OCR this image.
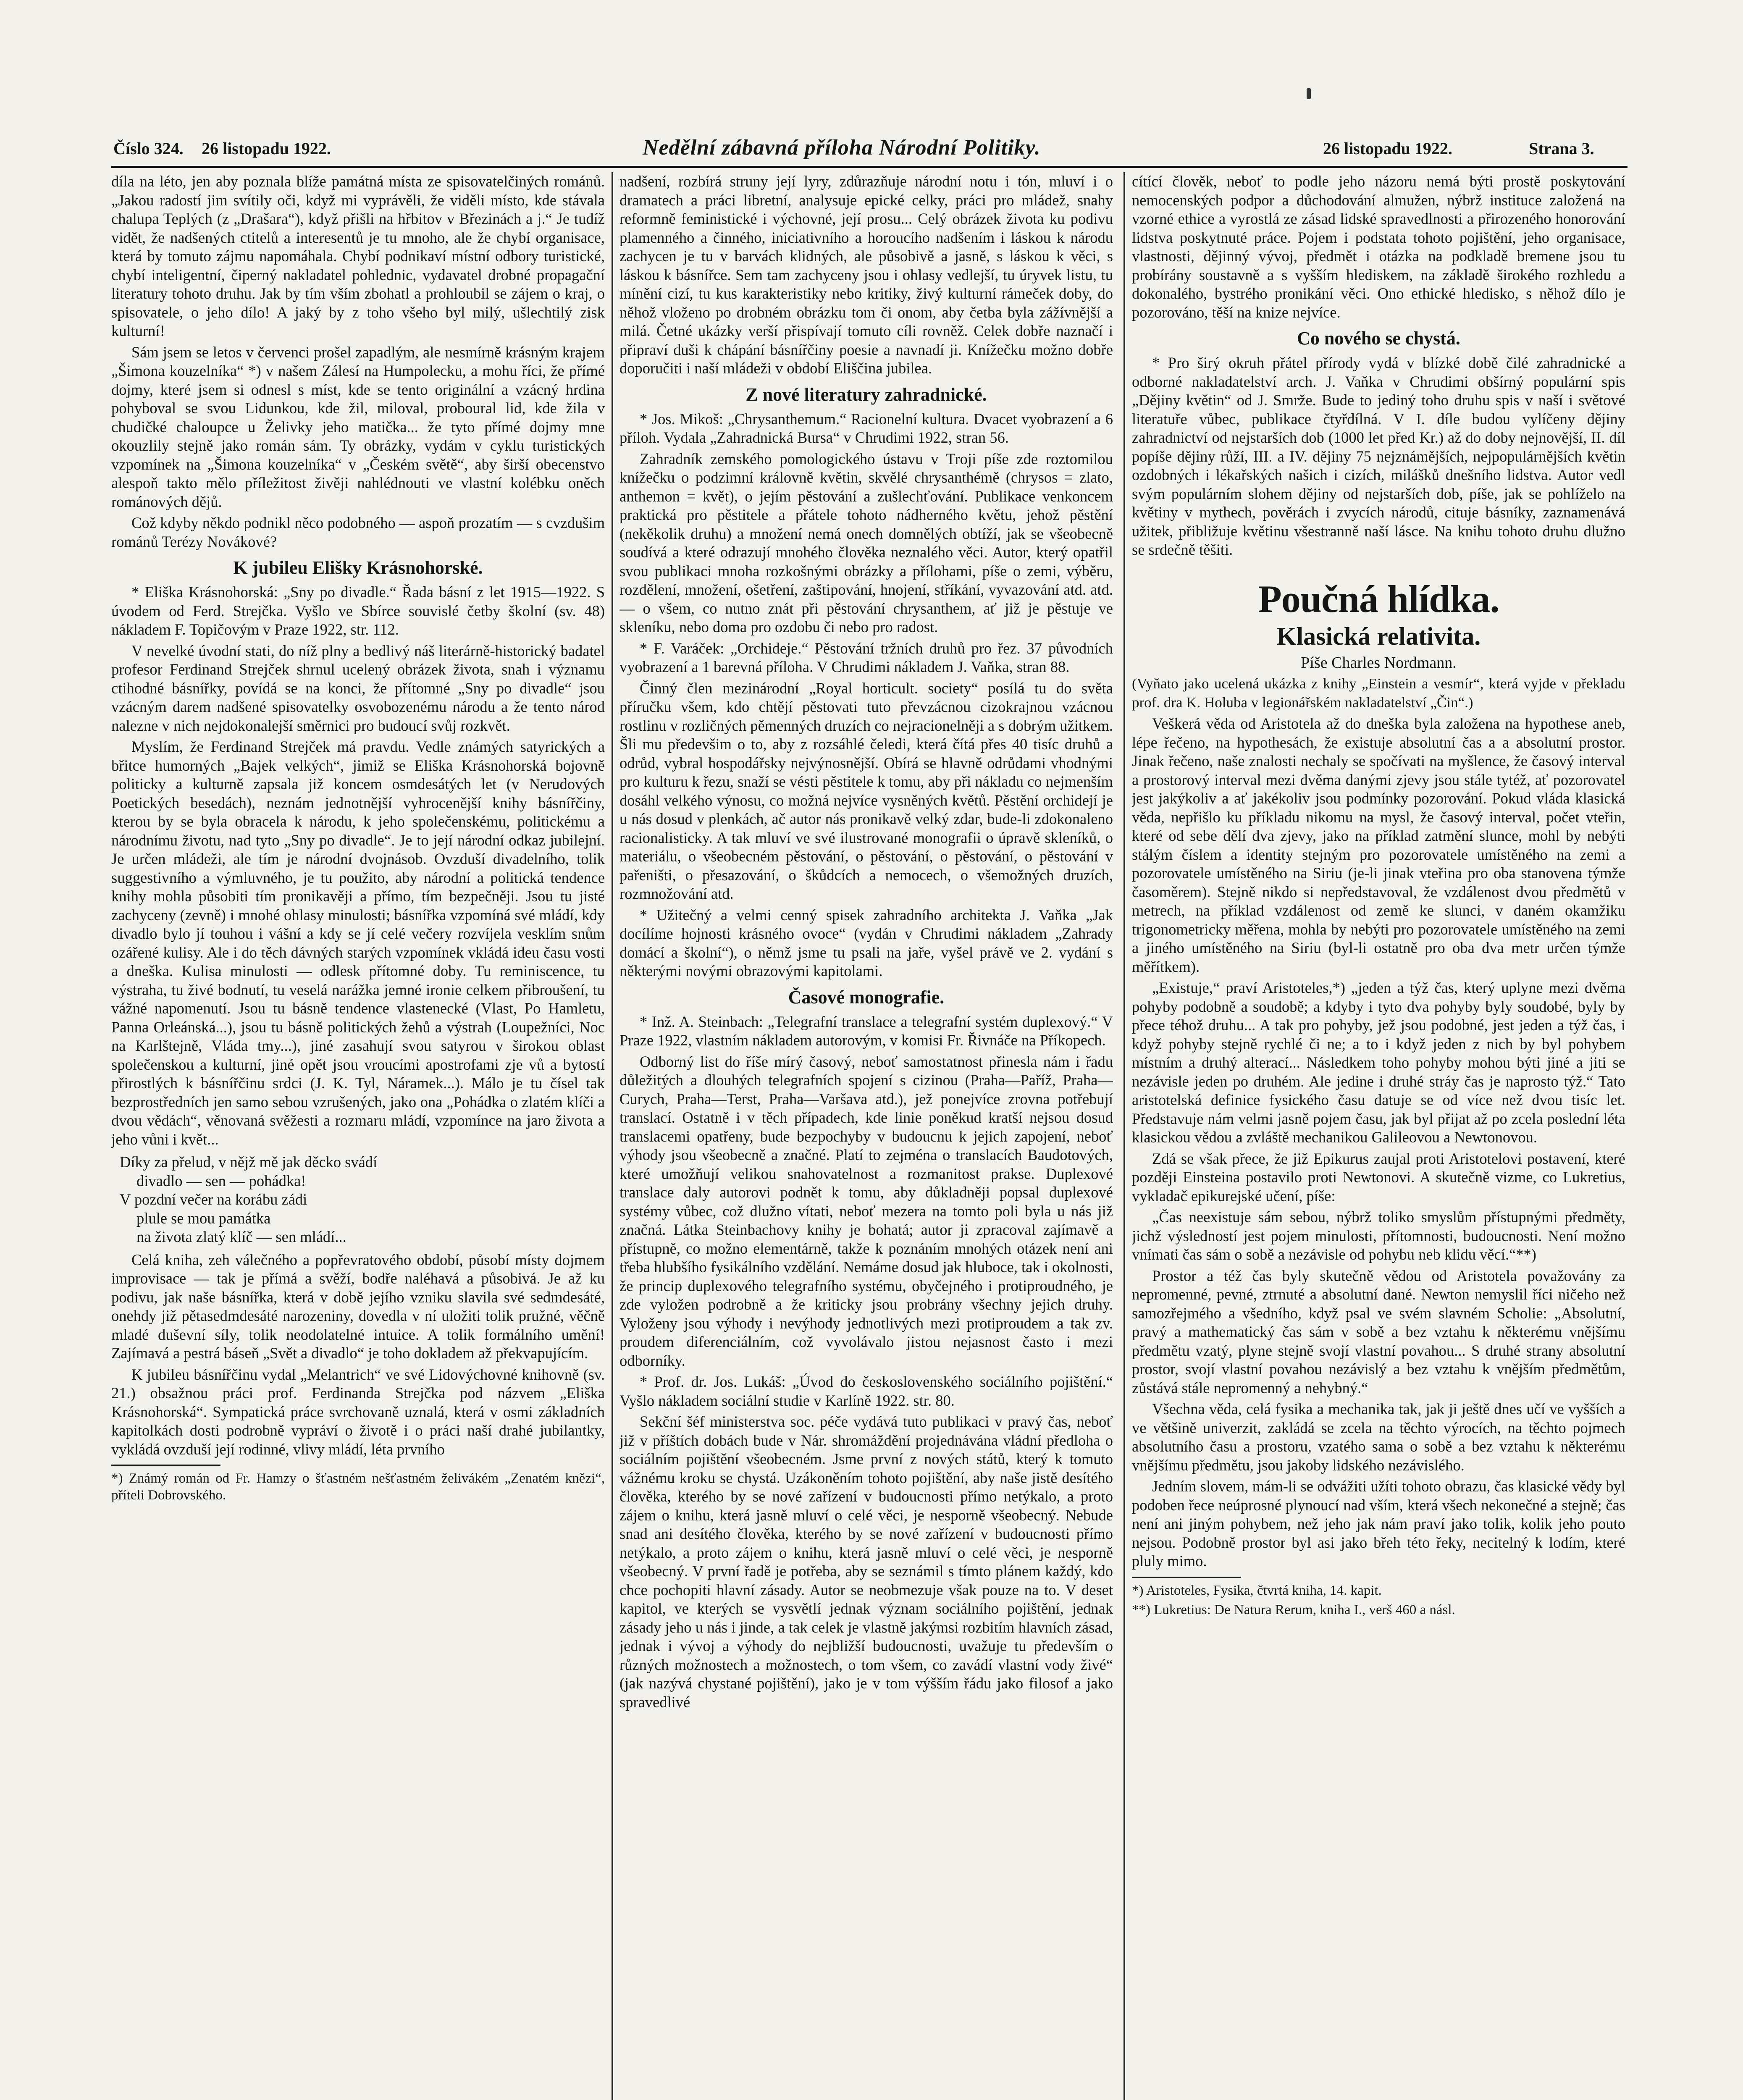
Číslo 324. 26 listopadu 1922.	Nedělní zábavná příloha Národní Politiky.	26 listopadu 1922.	Strana 3.

díla na léto, jen aby poznala blíže památná místa ze spisovatelčiných románů. „Jakou radostí jim svítily oči, když mi vyprávěli, že viděli místo, kde stávala chalupa Teplých (z „Drašara“), když přišli na hřbitov v Březinách a j.“ Je tudíž vidět, že nadšených ctitelů a interesentů je tu mnoho, ale že chybí organisace, která by tomuto zájmu napomáhala. Chybí podnikaví místní odbory turistické, chybí inteligentní, čiperný nakladatel pohlednic, vydavatel drobné propagační literatury tohoto druhu. Jak by tím vším zbohatl a prohloubil se zájem o kraj, o spisovatele, o jeho dílo! A jaký by z toho všeho byl milý, ušlechtilý zisk kulturní!

Sám jsem se letos v červenci prošel zapadlým, ale nesmírně krásným krajem „Šimona kouzelníka“ *) v našem Zálesí na Humpolecku, a mohu říci, že přímé dojmy, které jsem si odnesl s míst, kde se tento originální a vzácný hrdina pohyboval se svou Lidunkou, kde žil, miloval, proboural lid, kde žila v chudičké chaloupce u Želivky jeho matička... že tyto přímé dojmy mne okouzlily stejně jako román sám. Ty obrázky, vydám v cyklu turistických vzpomínek na „Šimona kouzelníka“ v „Českém světě“, aby širší obecenstvo alespoň takto mělo příležitost živěji nahlédnouti ve vlastní kolébku oněch románových dějů.

Což kdyby někdo podnikl něco podobného — aspoň prozatím — s cvzdušim románů Terézy Novákové?

K jubileu Elišky Krásnohorské.

* Eliška Krásnohorská: „Sny po divadle.“ Řada básní z let 1915—1922. S úvodem od Ferd. Strejčka. Vyšlo ve Sbírce souvislé četby školní (sv. 48) nákladem F. Topičovým v Praze 1922, str. 112.

V nevelké úvodní stati, do níž plny a bedlivý náš literárně-historický badatel profesor Ferdinand Strejček shrnul ucelený obrázek života, snah i významu ctihodné básnířky, povídá se na konci, že přítomné „Sny po divadle“ jsou vzácným darem nadšené spisovatelky osvobozenému národu a že tento národ nalezne v nich nejdokonalejší směrnici pro budoucí svůj rozkvět.

Myslím, že Ferdinand Strejček má pravdu. Vedle známých satyrických a břitce humorných „Bajek velkých“, jimiž se Eliška Krásnohorská bojovně politicky a kulturně zapsala již koncem osmdesátých let (v Nerudových Poetických besedách), neznám jednotnější vyhrocenější knihy básnířčiny, kterou by se byla obracela k národu, k jeho společenskému, politickému a národnímu životu, nad tyto „Sny po divadle“. Je to její národní odkaz jubilejní. Je určen mládeži, ale tím je národní dvojnásob. Ovzduší divadelního, tolik suggestivního a výmluvného, je tu použito, aby národní a politická tendence knihy mohla působiti tím pronikavěji a přímo, tím bezpečněji. Jsou tu jisté zachyceny (zevně) i mnohé ohlasy minulosti; básnířka vzpomíná své mládí, kdy divadlo bylo jí touhou i vášní a kdy se jí celé večery rozvíjela vesklím snům ozářené kulisy. Ale i do těch dávných starých vzpomínek vkládá ideu času vosti a dneška. Kulisa minulosti — odlesk přítomné doby. Tu reminiscence, tu výstraha, tu živé bodnutí, tu veselá narážka jemné ironie celkem přibroušení, tu vážné napomenutí. Jsou tu básně tendence vlastenecké (Vlast, Po Hamletu, Panna Orleánská...), jsou tu básně politických žehů a výstrah (Loupežníci, Noc na Karlštejně, Vláda tmy...), jiné zasahují svou satyrou v širokou oblast společenskou a kulturní, jiné opět jsou vroucími apostrofami zje vů a bytostí přirostlých k básnířčinu srdci (J. K. Tyl, Náramek...). Málo je tu čísel tak bezprostředních jen samo sebou vzrušených, jako ona „Pohádka o zlatém klíči a dvou vědách“, věnovaná svěžesti a rozmaru mládí, vzpomínce na jaro života a jeho vůni i květ...

Díky za přelud, v nějž mě jak děcko svádí
divadlo — sen — pohádka!
V pozdní večer na korábu zádi
plule se mou památka
na života zlatý klíč — sen mládí...

Celá kniha, zeh válečného a popřevratového období, působí místy dojmem improvisace — tak je přímá a svěží, bodře naléhavá a působivá. Je až ku podivu, jak naše básnířka, která v době jejího vzniku slavila své sedmdesáté, onehdy již pětasedmdesáté narozeniny, dovedla v ní uložiti tolik pružné, věčně mladé duševní síly, tolik neodolatelné intuice. A tolik formálního umění! Zajímavá a pestrá báseň „Svět a divadlo“ je toho dokladem až překvapujícím.

K jubileu básnířčinu vydal „Melantrich“ ve své Lidovýchovné knihovně (sv. 21.) obsažnou práci prof. Ferdinanda Strejčka pod názvem „Eliška Krásnohorská“. Sympatická práce svrchovaně uznalá, která v osmi základních kapitolkách dosti podrobně vypráví o životě i o práci naší drahé jubilantky, vykládá ovzduší její rodinné, vlivy mládí, léta prvního

*) Známý román od Fr. Hamzy o šťastném nešťastném želivákém „Zenatém knězi“, příteli Dobrovského.

nadšení, rozbírá struny její lyry, zdůrazňuje národní notu i tón, mluví i o dramatech a práci libretní, analysuje epické celky, práci pro mládež, snahy reformně feministické i výchovné, její prosu... Celý obrázek života ku podivu plamenného a činného, iniciativního a horoucího nadšením i láskou k národu zachycen je tu v barvách klidných, ale působivě a jasně, s láskou k věci, s láskou k básnířce. Sem tam zachyceny jsou i ohlasy vedlejší, tu úryvek listu, tu mínění cizí, tu kus karakteristiky nebo kritiky, živý kulturní rámeček doby, do něhož vloženo po drobném obrázku tom či onom, aby četba byla zážívnější a milá. Četné ukázky verší přispívají tomuto cíli rovněž. Celek dobře naznačí i připraví duši k chápání básnířčiny poesie a navnadí ji. Knížečku možno dobře doporučiti i naší mládeži v období Eliščina jubilea.

Z nové literatury zahradnické.

* Jos. Mikoš: „Chrysanthemum.“ Racionelní kultura. Dvacet vyobrazení a 6 příloh. Vydala „Zahradnická Bursa“ v Chrudimi 1922, stran 56.

Zahradník zemského pomologického ústavu v Troji píše zde roztomilou knížečku o podzimní královně květin, skvělé chrysanthémě (chrysos = zlato, anthemon = květ), o jejím pěstování a zušlechťování. Publikace venkoncem praktická pro pěstitele a přátele tohoto nádherného květu, jehož pěstění (nekěkolik druhu) a množení nemá onech domnělých obtíží, jak se všeobecně soudívá a které odrazují mnohého člověka neznalého věci. Autor, který opatřil svou publikaci mnoha rozkošnými obrázky a přílohami, píše o zemi, výběru, rozdělení, množení, ošetření, zaštipování, hnojení, stříkání, vyvazování atd. atd. — o všem, co nutno znát při pěstování chrysanthem, ať již je pěstuje ve skleníku, nebo doma pro ozdobu či nebo pro radost.

* F. Varáček: „Orchideje.“ Pěstování tržních druhů pro řez. 37 původních vyobrazení a 1 barevná příloha. V Chrudimi nákladem J. Vaňka, stran 88.

Činný člen mezinárodní „Royal horticult. society“ posílá tu do světa příručku všem, kdo chtějí pěstovati tuto převzácnou cizokrajnou vzácnou rostlinu v rozličných pěmenných druzích co nejracionelněji a s dobrým užitkem. Šli mu předevšim o to, aby z rozsáhlé čeledi, která čítá přes 40 tisíc druhů a odrůd, vybral hospodářsky nejvýnosnější. Obírá se hlavně odrůdami vhodnými pro kulturu k řezu, snaží se vésti pěstitele k tomu, aby při nákladu co nejmenším dosáhl velkého výnosu, co možná nejvíce vysněných květů. Pěstění orchidejí je u nás dosud v plenkách, ač autor nás pronikavě velký zdar, bude-li zdokonaleno racionalisticky. A tak mluví ve své ilustrované monografii o úpravě skleníků, o materiálu, o všeobecném pěstování, o pěstování, o pěstování, o pěstování v pařeništi, o přesazování, o škůdcích a nemocech, o všemožných druzích, rozmnožování atd.

* Užitečný a velmi cenný spisek zahradního architekta J. Vaňka „Jak docílíme hojnosti krásného ovoce“ (vydán v Chrudimi nákladem „Zahrady domácí a školní“), o němž jsme tu psali na jaře, vyšel právě ve 2. vydání s některými novými obrazovými kapitolami.

Časové monografie.

* Inž. A. Steinbach: „Telegrafní translace a telegrafní systém duplexový.“ V Praze 1922, vlastním nákladem autorovým, v komisi Fr. Řivnáče na Příkopech.

Odborný list do říše mírý časový, neboť samostatnost přinesla nám i řadu důležitých a dlouhých telegrafních spojení s cizinou (Praha—Paříž, Praha—Curych, Praha—Terst, Praha—Varšava atd.), jež ponejvíce zrovna potřebují translací. Ostatně i v těch případech, kde linie poněkud kratší nejsou dosud translacemi opatřeny, bude bezpochyby v budoucnu k jejich zapojení, neboť výhody jsou všeobecně a značné. Platí to zejména o translacích Baudotových, které umožňují velikou snahovatelnost a rozmanitost prakse. Duplexové translace daly autorovi podnět k tomu, aby důkladněji popsal duplexové systémy vůbec, což dlužno vítati, neboť mezera na tomto poli byla u nás již značná. Látka Steinbachovy knihy je bohatá; autor ji zpracoval zajímavě a přístupně, co možno elementárně, takže k poznáním mnohých otázek není ani třeba hlubšího fysikálního vzdělání. Nemáme dosud jak hluboce, tak i okolnosti, že princip duplexového telegrafního systému, obyčejného i protiproudného, je zde vyložen podrobně a že kriticky jsou probrány všechny jejich druhy. Vyloženy jsou výhody i nevýhody jednotlivých mezi protiproudem a tak zv. proudem diferenciálním, což vyvolávalo jistou nejasnost často i mezi odborníky.

* Prof. dr. Jos. Lukáš: „Úvod do československého sociálního pojištění.“ Vyšlo nákladem sociální studie v Karlíně 1922. str. 80.

Sekční šéf ministerstva soc. péče vydává tuto publikaci v pravý čas, neboť již v příštích dobách bude v Nár. shromáždění projednávána vládní předloha o sociálním pojištění všeobecném. Jsme první z nových států, který k tomuto vážnému kroku se chystá. Uzákoněním tohoto pojištění, aby naše jistě desítého člověka, kterého by se nové zařízení v budoucnosti přímo netýkalo, a proto zájem o knihu, která jasně mluví o celé věci, je nesporně všeobecný. Nebude snad ani desítého člověka, kterého by se nové zařízení v budoucnosti přímo netýkalo, a proto zájem o knihu, která jasně mluví o celé věci, je nesporně všeobecný. V první řadě je potřeba, aby se seznámil s tímto plánem každý, kdo chce pochopiti hlavní zásady. Autor se neobmezuje však pouze na to. V deset kapitol, ve kterých se vysvětlí jednak význam sociálního pojištění, jednak zásady jeho u nás i jinde, a tak celek je vlastně jakýmsi rozbitím hlavních zásad, jednak i vývoj a výhody do nejbližší budoucnosti, uvažuje tu především o různých možnostech a možnostech, o tom všem, co zavádí vlastní vody živé“ (jak nazývá chystané pojištění), jako je v tom výšším řádu jako filosof a jako spravedlivé

cítící člověk, neboť to podle jeho názoru nemá býti prostě poskytování nemocenských podpor a důchodování almužen, nýbrž instituce založená na vzorné ethice a vyrostlá ze zásad lidské spravedlnosti a přirozeného honorování lidstva poskytnuté práce. Pojem i podstata tohoto pojištění, jeho organisace, vlastnosti, dějinný vývoj, předmět i otázka na podkladě bremene jsou tu probírány soustavně a s vyšším hlediskem, na základě širokého rozhledu a dokonalého, bystrého pronikání věci. Ono ethické hledisko, s něhož dílo je pozorováno, těší na knize nejvíce.

Co nového se chystá.

* Pro širý okruh přátel přírody vydá v blízké době čilé zahradnické a odborné nakladatelství arch. J. Vaňka v Chrudimi obšírný populární spis „Dějiny květin“ od J. Smrže. Bude to jediný toho druhu spis v naší i světové literatuře vůbec, publikace čtyřdílná. V I. díle budou vylíčeny dějiny zahradnictví od nejstarších dob (1000 let před Kr.) až do doby nejnovější, II. díl popíše dějiny růží, III. a IV. dějiny 75 nejznámějších, nejpopulárnějších květin ozdobných i lékařských našich i cizích, milášků dnešního lidstva. Autor vedl svým populárním slohem dějiny od nejstarších dob, píše, jak se pohlíželo na květiny v mythech, pověrách i zvycích národů, cituje básníky, zaznamenává užitek, přibližuje květinu všestranně naší lásce. Na knihu tohoto druhu dlužno se srdečně těšiti.

Poučná hlídka.
Klasická relativita.

Píše Charles Nordmann.

(Vyňato jako ucelená ukázka z knihy „Einstein a vesmír“, která vyjde v překladu prof. dra K. Holuba v legionářském nakladatelství „Čin“.)

Veškerá věda od Aristotela až do dneška byla založena na hypothese aneb, lépe řečeno, na hypothesách, že existuje absolutní čas a a absolutní prostor. Jinak řečeno, naše znalosti nechaly se spočívati na myšlence, že časový interval a prostorový interval mezi dvěma danými zjevy jsou stále tytéž, ať pozorovatel jest jakýkoliv a ať jakékoliv jsou podmínky pozorování. Pokud vláda klasická věda, nepřišlo ku příkladu nikomu na mysl, že časový interval, počet vteřin, které od sebe dělí dva zjevy, jako na příklad zatmění slunce, mohl by nebýti stálým číslem a identity stejným pro pozorovatele umístěného na zemi a pozorovatele umístěného na Siriu (je-li jinak vteřina pro oba stanovena týmže časoměrem). Stejně nikdo si nepředstavoval, že vzdálenost dvou předmětů v metrech, na příklad vzdálenost od země ke slunci, v daném okamžiku trigonometricky měřena, mohla by nebýti pro pozorovatele umístěného na zemi a jiného umístěného na Siriu (byl-li ostatně pro oba dva metr určen týmže měřítkem).

„Existuje,“ praví Aristoteles,*) „jeden a týž čas, který uplyne mezi dvěma pohyby podobně a soudobě; a kdyby i tyto dva pohyby byly soudobé, byly by přece téhož druhu... A tak pro pohyby, jež jsou podobné, jest jeden a týž čas, i když pohyby stejně rychlé či ne; a to i když jeden z nich by byl pohybem místním a druhý alterací... Následkem toho pohyby mohou býti jiné a jiti se nezávisle jeden po druhém. Ale jedine i druhé stráy čas je naprosto týž.“ Tato aristotelská definice fysického času datuje se od více než dvou tisíc let. Představuje nám velmi jasně pojem času, jak byl přijat až po zcela poslední léta klasickou vědou a zvláště mechanikou Galileovou a Newtonovou.

Zdá se však přece, že již Epikurus zaujal proti Aristotelovi postavení, které později Einsteina postavilo proti Newtonovi. A skutečně vizme, co Lukretius, vykladač epikurejské učení, píše:

„Čas neexistuje sám sebou, nýbrž toliko smyslům přístupnými předměty, jichž výsledností jest pojem minulosti, přítomnosti, budoucnosti. Není možno vnímati čas sám o sobě a nezávisle od pohybu neb klidu věcí.“**)

Prostor a též čas byly skutečně vědou od Aristotela považovány za nepromenné, pevné, ztrnuté a absolutní dané. Newton nemyslil říci ničeho než samozřejmého a všedního, když psal ve svém slavném Scholie: „Absolutní, pravý a mathematický čas sám v sobě a bez vztahu k některému vnějšímu předmětu vzatý, plyne stejně svojí vlastní povahou... S druhé strany absolutní prostor, svojí vlastní povahou nezávislý a bez vztahu k vnějším předmětům, zůstává stále nepromenný a nehybný.“

Všechna věda, celá fysika a mechanika tak, jak ji ještě dnes učí ve vyšších a ve většině univerzit, zakládá se zcela na těchto výrocích, na těchto pojmech absolutního času a prostoru, vzatého sama o sobě a bez vztahu k některému vnějšímu předmětu, jsou jakoby lidského nezávislého.

Jedním slovem, mám-li se odvážiti užíti tohoto obrazu, čas klasické vědy byl podoben řece neúprosné plynoucí nad vším, která všech nekonečné a stejně; čas není ani jiným pohybem, než jeho jak nám praví jako tolik, kolik jeho pouto nejsou. Podobně prostor byl asi jako břeh této řeky, necitelný k lodím, které pluly mimo.

*) Aristoteles, Fysika, čtvrtá kniha, 14. kapit.

**) Lukretius: De Natura Rerum, kniha I., verš 460 a násl.
